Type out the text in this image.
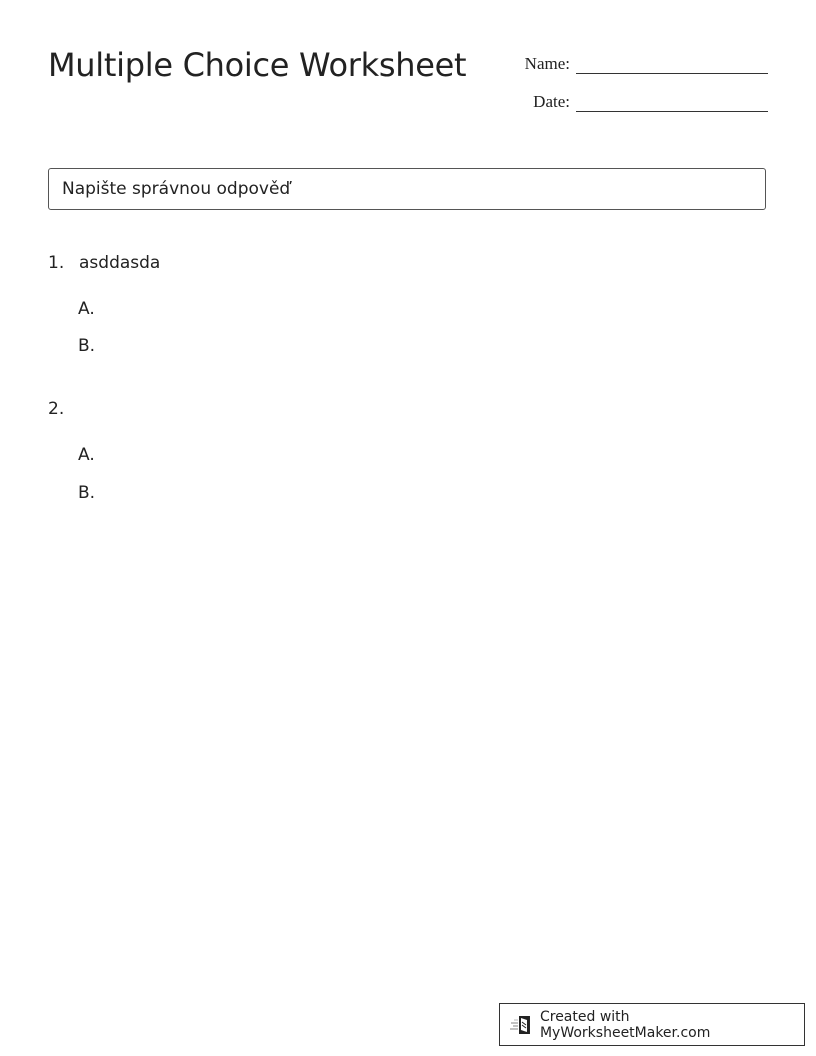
Multiple Choice Worksheet	Name:
Date:
Napište správnou odpověď
1. asddasda
A.
B.
2.
A.
B.
Created with MyWorksheetMaker.com
